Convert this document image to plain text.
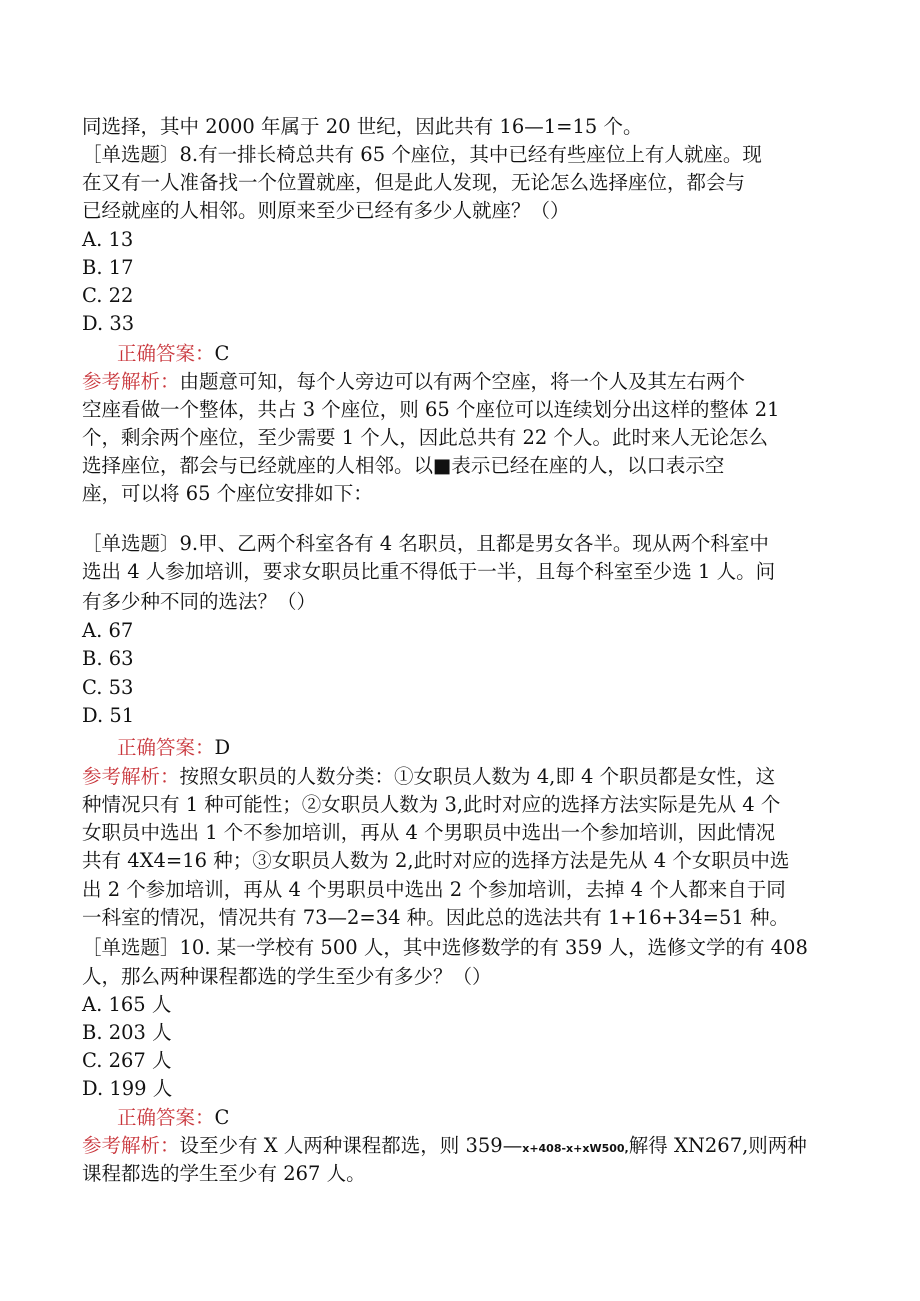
同选择，其中 2000 年属于 20 世纪，因此共有 16—1=15 个。
［单选题〕8.有一排长椅总共有 65 个座位，其中已经有些座位上有人就座。现
在又有一人准备找一个位置就座，但是此人发现，无论怎么选择座位，都会与
已经就座的人相邻。则原来至少已经有多少人就座？（）
A. 13
B. 17
C. 22
D. 33
正确答案：C
参考解析：由题意可知，每个人旁边可以有两个空座，将一个人及其左右两个
空座看做一个整体，共占 3 个座位，则 65 个座位可以连续划分出这样的整体 21
个，剩余两个座位，至少需要 1 个人，因此总共有 22 个人。此时来人无论怎么
选择座位，都会与已经就座的人相邻。以■表示已经在座的人，以口表示空
座，可以将 65 个座位安排如下：
［单选题〕9.甲、乙两个科室各有 4 名职员，且都是男女各半。现从两个科室中
选出 4 人参加培训，要求女职员比重不得低于一半，且每个科室至少选 1 人。问
有多少种不同的选法？（）
A. 67
B. 63
C. 53
D. 51
正确答案：D
参考解析：按照女职员的人数分类：①女职员人数为 4,即 4 个职员都是女性，这
种情况只有 1 种可能性；②女职员人数为 3,此时对应的选择方法实际是先从 4 个
女职员中选出 1 个不参加培训，再从 4 个男职员中选出一个参加培训，因此情况
共有 4X4=16 种；③女职员人数为 2,此时对应的选择方法是先从 4 个女职员中选
出 2 个参加培训，再从 4 个男职员中选出 2 个参加培训，去掉 4 个人都来自于同
一科室的情况，情况共有 73—2=34 种。因此总的选法共有 1+16+34=51 种。
［单选题］10. 某一学校有 500 人，其中选修数学的有 359 人，选修文学的有 408
人，那么两种课程都选的学生至少有多少？（）
A. 165 人
B. 203 人
C. 267 人
D. 199 人
正确答案：C
参考解析：设至少有 X 人两种课程都选，则 359—x+408-x+xW500,解得 XN267,则两种
课程都选的学生至少有 267 人。
